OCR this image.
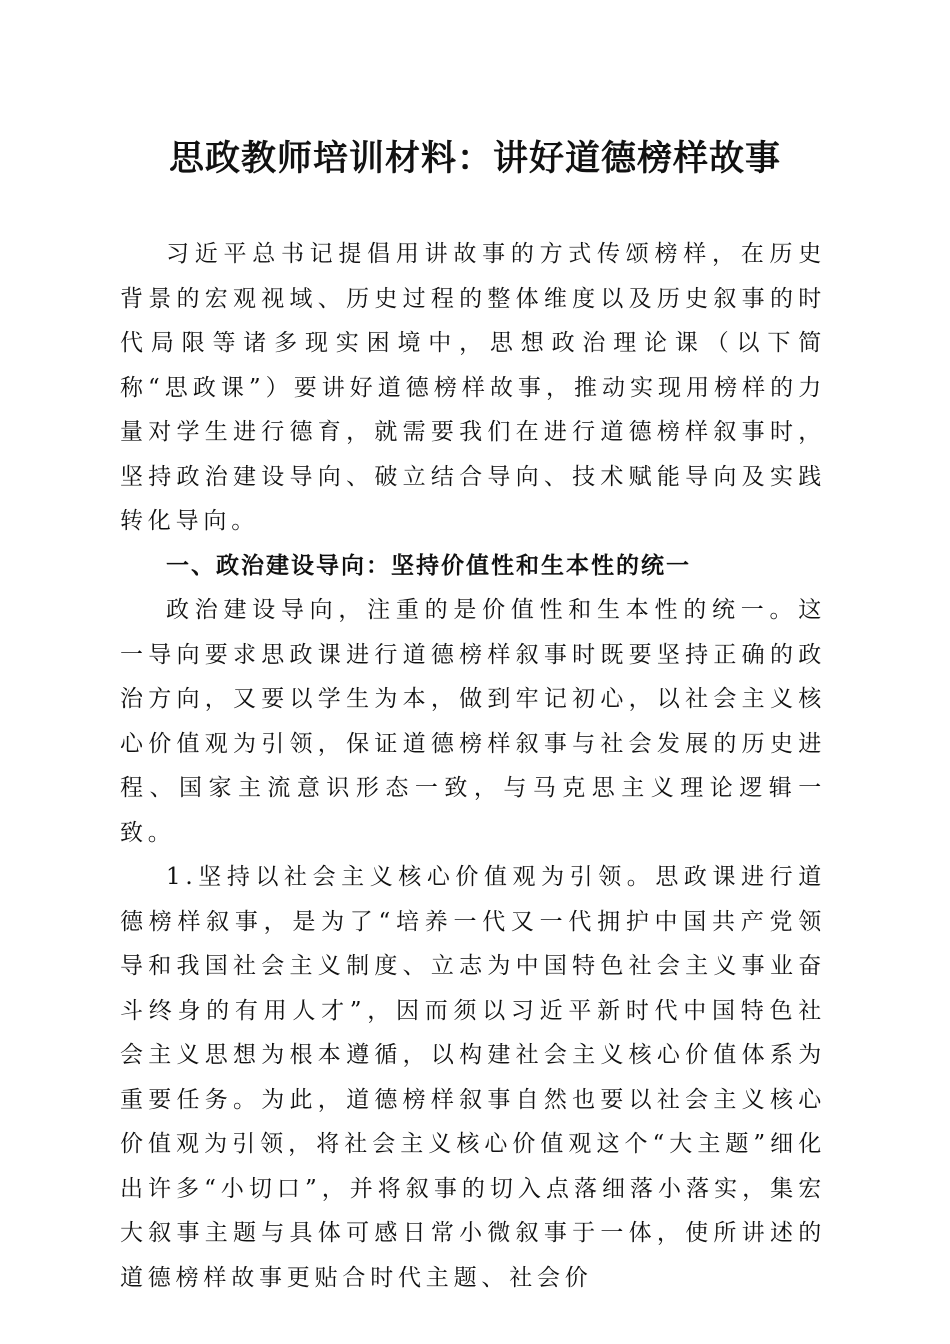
思政教师培训材料：讲好道德榜样故事

习近平总书记提倡用讲故事的方式传颂榜样，在历史背景的宏观视域、历史过程的整体维度以及历史叙事的时代局限等诸多现实困境中，思想政治理论课（以下简称“思政课”）要讲好道德榜样故事，推动实现用榜样的力量对学生进行德育，就需要我们在进行道德榜样叙事时，坚持政治建设导向、破立结合导向、技术赋能导向及实践转化导向。

一、政治建设导向：坚持价值性和生本性的统一

政治建设导向，注重的是价值性和生本性的统一。这一导向要求思政课进行道德榜样叙事时既要坚持正确的政治方向，又要以学生为本，做到牢记初心，以社会主义核心价值观为引领，保证道德榜样叙事与社会发展的历史进程、国家主流意识形态一致，与马克思主义理论逻辑一致。

1.坚持以社会主义核心价值观为引领。思政课进行道德榜样叙事，是为了“培养一代又一代拥护中国共产党领导和我国社会主义制度、立志为中国特色社会主义事业奋斗终身的有用人才”，因而须以习近平新时代中国特色社会主义思想为根本遵循，以构建社会主义核心价值体系为重要任务。为此，道德榜样叙事自然也要以社会主义核心价值观为引领，将社会主义核心价值观这个“大主题”细化出许多“小切口”，并将叙事的切入点落细落小落实，集宏大叙事主题与具体可感日常小微叙事于一体，使所讲述的道德榜样故事更贴合时代主题、社会价
